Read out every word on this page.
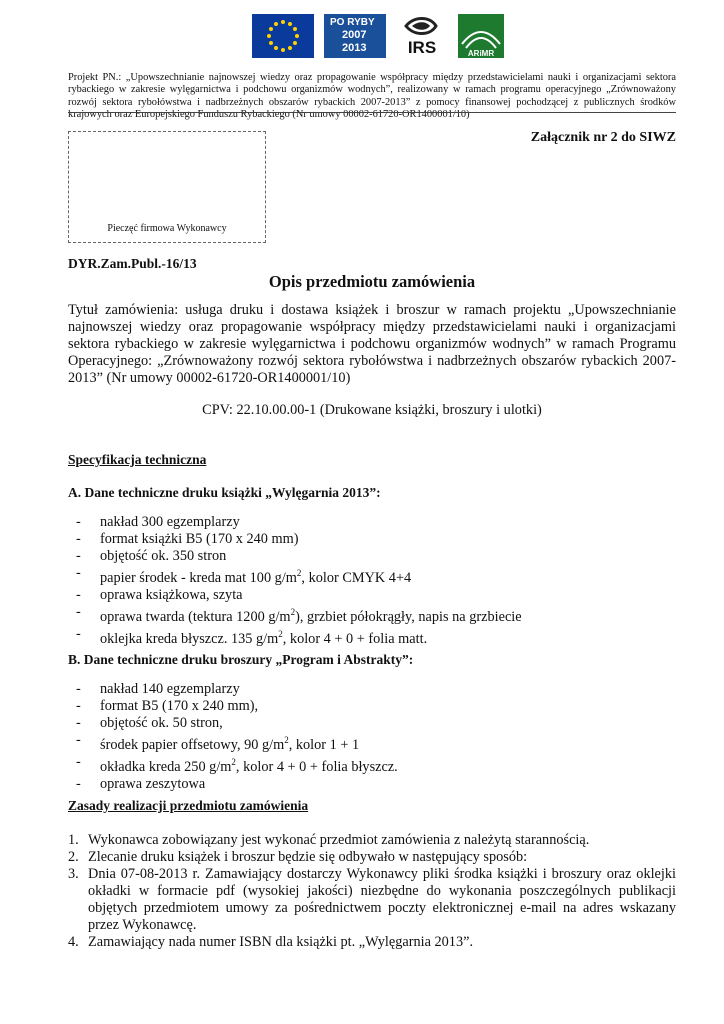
PO RYBY
2007
2013	IRS	ARiMR
Projekt PN.: „Upowszechnianie najnowszej wiedzy oraz propagowanie współpracy między przedstawicielami nauki i organizacjami sektora rybackiego w zakresie wylęgarnictwa i podchowu organizmów wodnych”, realizowany w ramach programu operacyjnego „Zrównoważony rozwój sektora rybołówstwa i nadbrzeżnych obszarów rybackich 2007-2013” z pomocy finansowej pochodzącej z publicznych środków krajowych oraz Europejskiego Funduszu Rybackiego (Nr umowy 00002-61720-OR1400001/10)
Pieczęć firmowa Wykonawcy
Załącznik nr 2 do SIWZ
DYR.Zam.Publ.-16/13
Opis przedmiotu zamówienia
Tytuł zamówienia: usługa druku i dostawa książek i broszur w ramach projektu „Upowszechnianie najnowszej wiedzy oraz propagowanie współpracy między przedstawicielami nauki i organizacjami sektora rybackiego w zakresie wylęgarnictwa i podchowu organizmów wodnych” w ramach Programu Operacyjnego: „Zrównoważony rozwój sektora rybołówstwa i nadbrzeżnych obszarów rybackich 2007-2013” (Nr umowy 00002-61720-OR1400001/10)
CPV: 22.10.00.00-1 (Drukowane książki, broszury i ulotki)
Specyfikacja techniczna
A. Dane techniczne druku książki „Wylęgarnia 2013”:
- nakład 300 egzemplarzy
- format książki B5 (170 x 240 mm)
- objętość ok. 350 stron
- papier środek - kreda mat 100 $g/m^2$, kolor CMYK 4+4
- oprawa książkowa, szyta
- oprawa twarda (tektura 1200 $g/m^2$), grzbiet półokrągły, napis na grzbiecie
- oklejka kreda błyszcz. 135 $g/m^2$, kolor 4 + 0 + folia matt.
B. Dane techniczne druku broszury „Program i Abstrakty”:
- nakład 140 egzemplarzy
- format B5 (170 x 240 mm),
- objętość ok. 50 stron,
- środek papier offsetowy, 90 $g/m^2$, kolor 1 + 1
- okładka kreda 250 $g/m^2$, kolor 4 + 0 + folia błyszcz.
- oprawa zeszytowa
Zasady realizacji przedmiotu zamówienia
1. Wykonawca zobowiązany jest wykonać przedmiot zamówienia z należytą starannością.
2. Zlecanie druku książek i broszur będzie się odbywało w następujący sposób:
3. Dnia 07-08-2013 r. Zamawiający dostarczy Wykonawcy pliki środka książki i broszury oraz oklejki okładki w formacie pdf (wysokiej jakości) niezbędne do wykonania poszczególnych publikacji objętych przedmiotem umowy za pośrednictwem poczty elektronicznej e-mail na adres wskazany przez Wykonawcę.
4. Zamawiający nada numer ISBN dla książki pt. „Wylęgarnia 2013”.
